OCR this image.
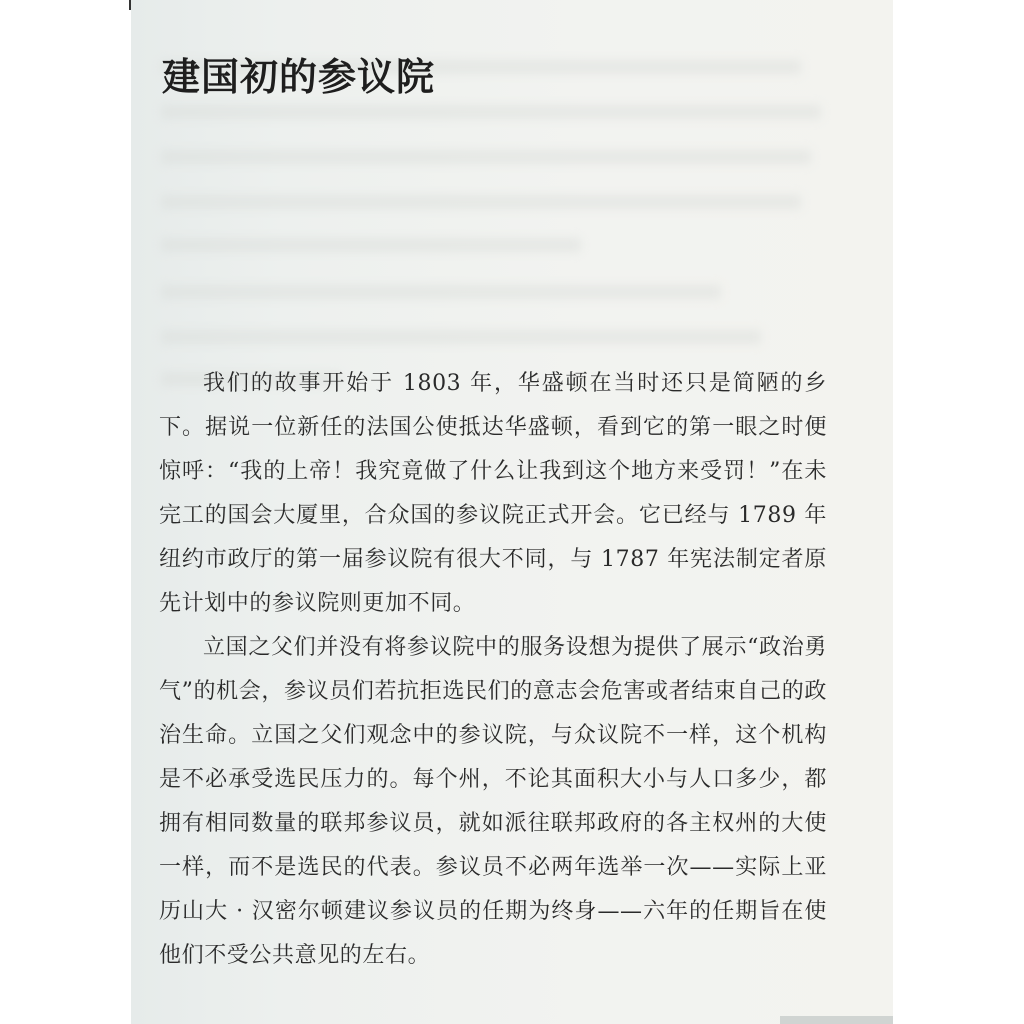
建国初的参议院

我们的故事开始于 1803 年，华盛顿在当时还只是简陋的乡下。据说一位新任的法国公使抵达华盛顿，看到它的第一眼之时便惊呼：“我的上帝！我究竟做了什么让我到这个地方来受罚！”在未完工的国会大厦里，合众国的参议院正式开会。它已经与 1789 年纽约市政厅的第一届参议院有很大不同，与 1787 年宪法制定者原先计划中的参议院则更加不同。

立国之父们并没有将参议院中的服务设想为提供了展示“政治勇气”的机会，参议员们若抗拒选民们的意志会危害或者结束自己的政治生命。立国之父们观念中的参议院，与众议院不一样，这个机构是不必承受选民压力的。每个州，不论其面积大小与人口多少，都拥有相同数量的联邦参议员，就如派往联邦政府的各主权州的大使一样，而不是选民的代表。参议员不必两年选举一次——实际上亚历山大 · 汉密尔顿建议参议员的任期为终身——六年的任期旨在使他们不受公共意见的左右。
